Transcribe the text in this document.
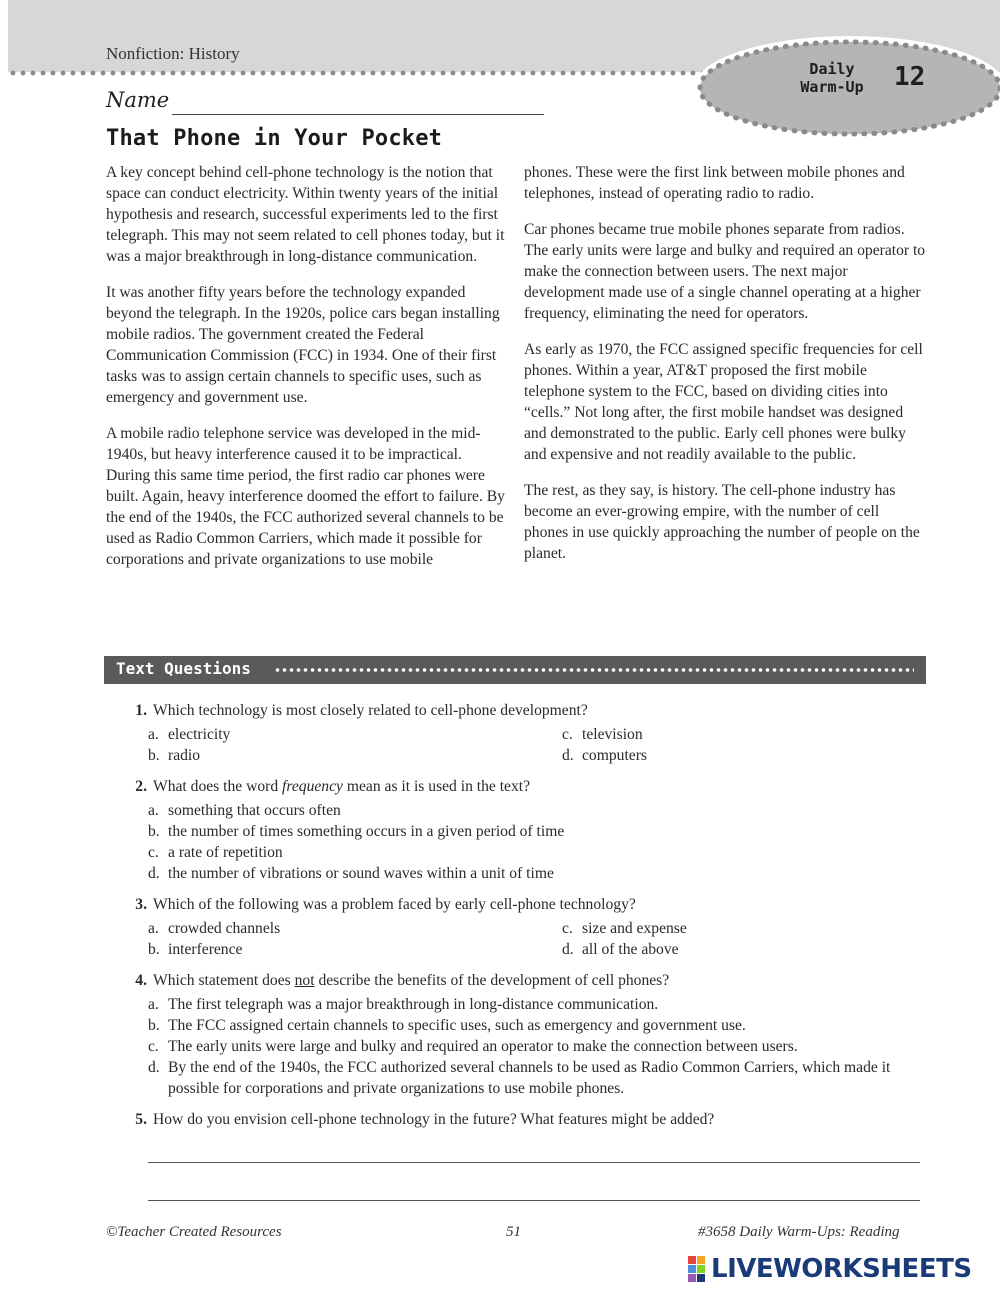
Nonfiction: History
Daily
Warm-Up	12
Name
That Phone in Your Pocket

A key concept behind cell-phone technology is the notion that space can conduct electricity. Within twenty years of the initial hypothesis and research, successful experiments led to the first telegraph. This may not seem related to cell phones today, but it was a major breakthrough in long-distance communication.

It was another fifty years before the technology expanded beyond the telegraph. In the 1920s, police cars began installing mobile radios. The government created the Federal Communication Commission (FCC) in 1934. One of their first tasks was to assign certain channels to specific uses, such as emergency and government use.

A mobile radio telephone service was developed in the mid-1940s, but heavy interference caused it to be impractical. During this same time period, the first radio car phones were built. Again, heavy interference doomed the effort to failure. By the end of the 1940s, the FCC authorized several channels to be used as Radio Common Carriers, which made it possible for corporations and private organizations to use mobile

phones. These were the first link between mobile phones and telephones, instead of operating radio to radio.

Car phones became true mobile phones separate from radios. The early units were large and bulky and required an operator to make the connection between users. The next major development made use of a single channel operating at a higher frequency, eliminating the need for operators.

As early as 1970, the FCC assigned specific frequencies for cell phones. Within a year, AT&T proposed the first mobile telephone system to the FCC, based on dividing cities into “cells.” Not long after, the first mobile handset was designed and demonstrated to the public. Early cell phones were bulky and expensive and not readily available to the public.

The rest, as they say, is history. The cell-phone industry has become an ever-growing empire, with the number of cell phones in use quickly approaching the number of people on the planet.

Text Questions
1. Which technology is most closely related to cell-phone development?
a. electricity	c. television
b. radio	d. computers
2. What does the word frequency mean as it is used in the text?
a. something that occurs often
b. the number of times something occurs in a given period of time
c. a rate of repetition
d. the number of vibrations or sound waves within a unit of time
3. Which of the following was a problem faced by early cell-phone technology?
a. crowded channels	c. size and expense
b. interference	d. all of the above
4. Which statement does not describe the benefits of the development of cell phones?
a. The first telegraph was a major breakthrough in long-distance communication.
b. The FCC assigned certain channels to specific uses, such as emergency and government use.
c. The early units were large and bulky and required an operator to make the connection between users.
d. By the end of the 1940s, the FCC authorized several channels to be used as Radio Common Carriers, which made it possible for corporations and private organizations to use mobile phones.
5. How do you envision cell-phone technology in the future? What features might be added?
©Teacher Created Resources	51	#3658 Daily Warm-Ups: Reading
LIVEWORKSHEETS
